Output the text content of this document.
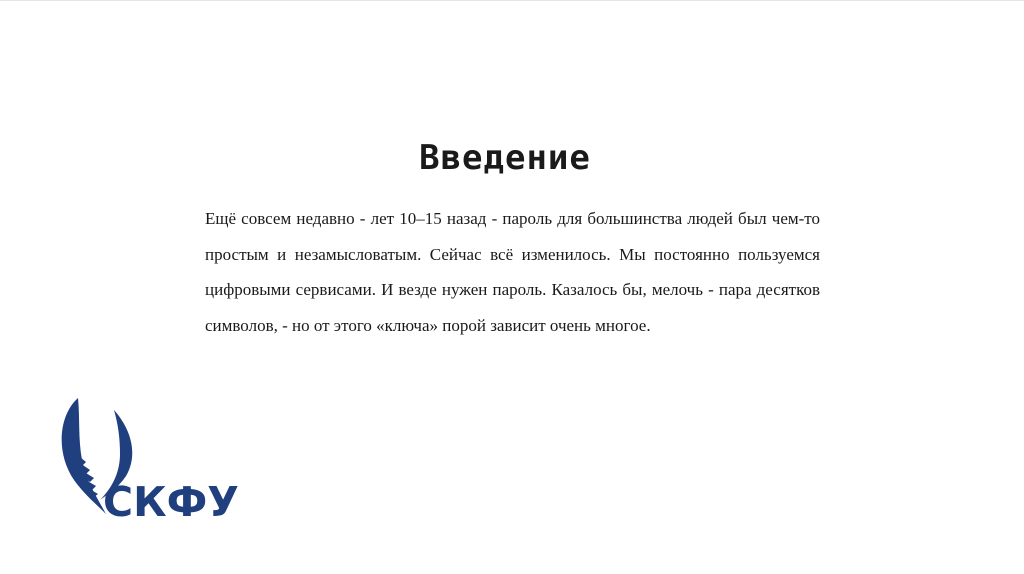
Введение

Ещё совсем недавно - лет 10–15 назад - пароль для большинства людей был чем-то простым и незамысловатым. Сейчас всё изменилось. Мы постоянно пользуемся цифровыми сервисами. И везде нужен пароль. Казалось бы, мелочь - пара десятков символов, - но от этого «ключа» порой зависит очень многое.

СКФУ
